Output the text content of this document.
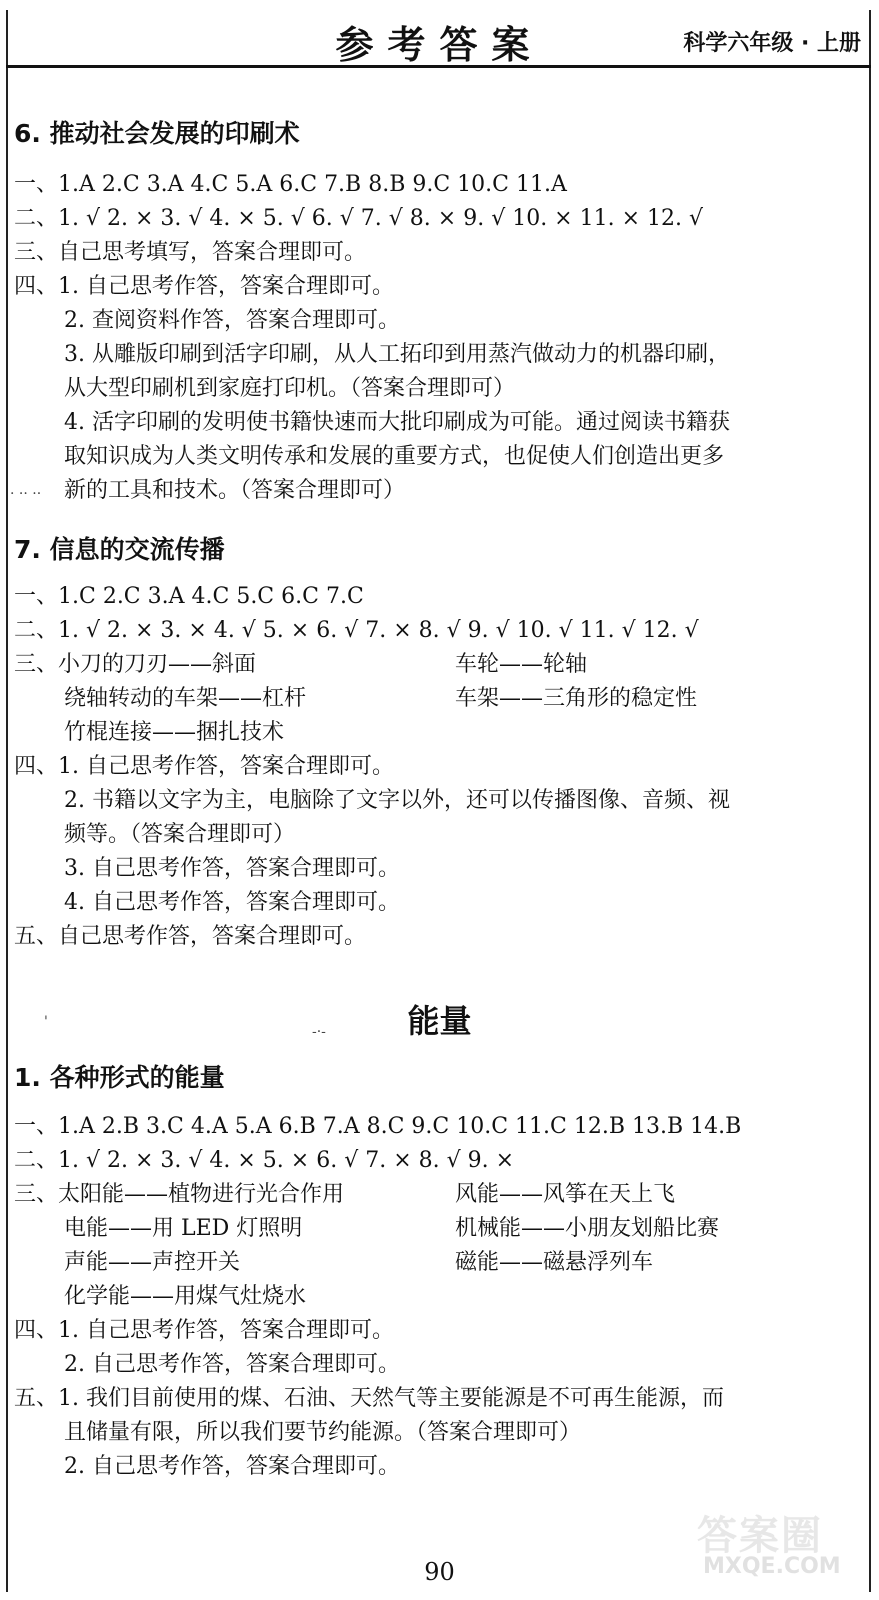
参考答案	科学六年级 · 上册
6. 推动社会发展的印刷术
一、1.A 2.C 3.A 4.C 5.A 6.C 7.B 8.B 9.C 10.C 11.A
二、1. √ 2. × 3. √ 4. × 5. √ 6. √ 7. √ 8. × 9. √ 10. × 11. × 12. √
三、自己思考填写，答案合理即可。
四、1. 自己思考作答，答案合理即可。
2. 查阅资料作答，答案合理即可。
3. 从雕版印刷到活字印刷，从人工拓印到用蒸汽做动力的机器印刷，
从大型印刷机到家庭打印机。（答案合理即可）
4. 活字印刷的发明使书籍快速而大批印刷成为可能。通过阅读书籍获
取知识成为人类文明传承和发展的重要方式，也促使人们创造出更多
新的工具和技术。（答案合理即可）
· ·· ··
7. 信息的交流传播
一、1.C 2.C 3.A 4.C 5.C 6.C 7.C
二、1. √ 2. × 3. × 4. √ 5. × 6. √ 7. × 8. √ 9. √ 10. √ 11. √ 12. √
三、小刀的刀刃——斜面	车轮——轮轴
绕轴转动的车架——杠杆	车架——三角形的稳定性
竹棍连接——捆扎技术
四、1. 自己思考作答，答案合理即可。
2. 书籍以文字为主，电脑除了文字以外，还可以传播图像、音频、视
频等。（答案合理即可）
3. 自己思考作答，答案合理即可。
4. 自己思考作答，答案合理即可。
五、自己思考作答，答案合理即可。
能量
'
-·-
1. 各种形式的能量
一、1.A 2.B 3.C 4.A 5.A 6.B 7.A 8.C 9.C 10.C 11.C 12.B 13.B 14.B
二、1. √ 2. × 3. √ 4. × 5. × 6. √ 7. × 8. √ 9. ×
三、太阳能——植物进行光合作用	风能——风筝在天上飞
电能——用 LED 灯照明	机械能——小朋友划船比赛
声能——声控开关	磁能——磁悬浮列车
化学能——用煤气灶烧水
四、1. 自己思考作答，答案合理即可。
2. 自己思考作答，答案合理即可。
五、1. 我们目前使用的煤、石油、天然气等主要能源是不可再生能源，而
且储量有限，所以我们要节约能源。（答案合理即可）
2. 自己思考作答，答案合理即可。
90
答案圈
MXQE.COM
